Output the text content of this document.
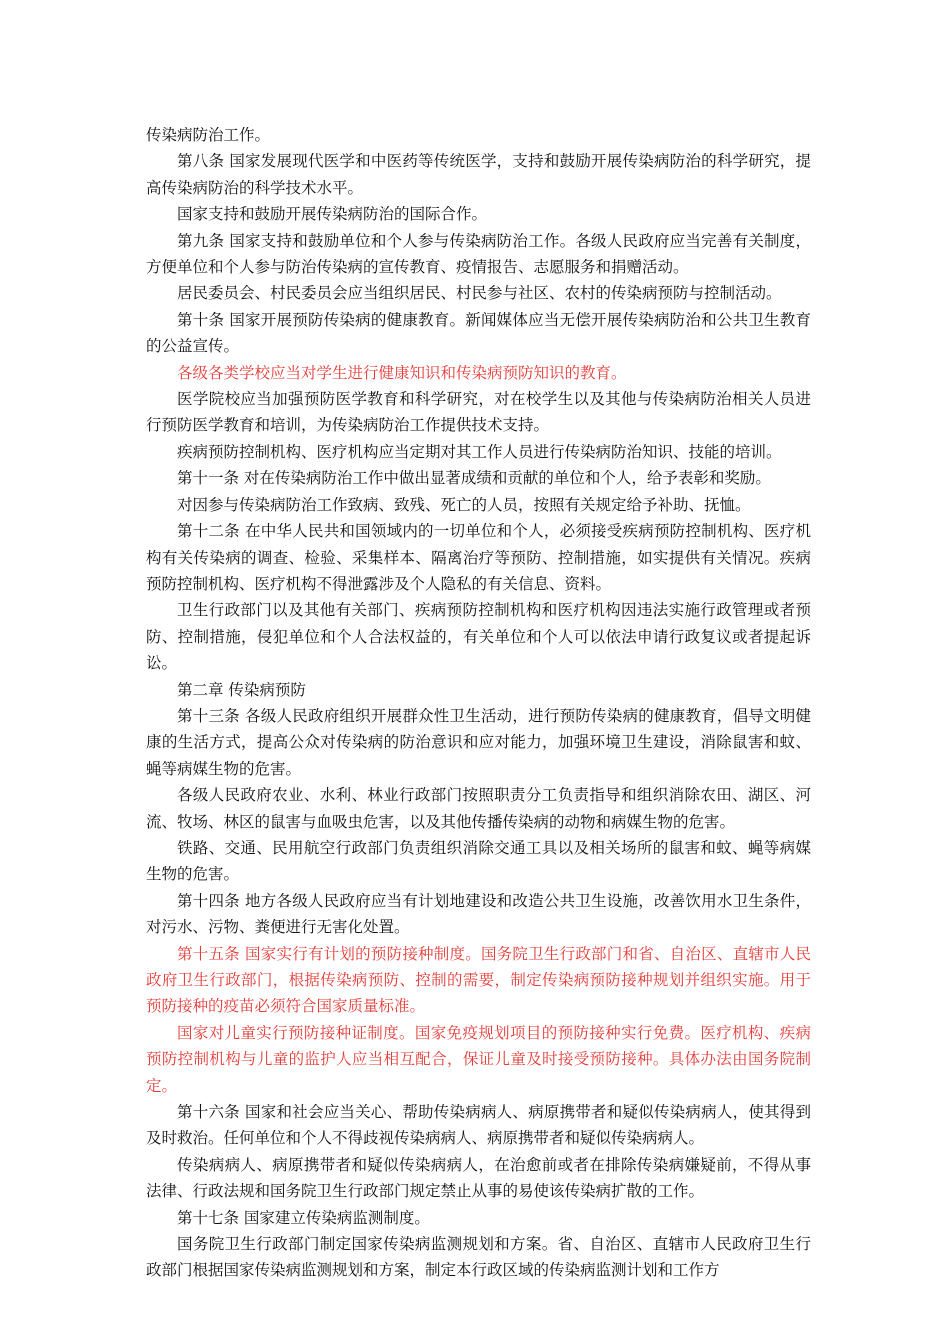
传染病防治工作。

第八条 国家发展现代医学和中医药等传统医学，支持和鼓励开展传染病防治的科学研究，提高传染病防治的科学技术水平。

国家支持和鼓励开展传染病防治的国际合作。

第九条 国家支持和鼓励单位和个人参与传染病防治工作。各级人民政府应当完善有关制度，方便单位和个人参与防治传染病的宣传教育、疫情报告、志愿服务和捐赠活动。

居民委员会、村民委员会应当组织居民、村民参与社区、农村的传染病预防与控制活动。

第十条 国家开展预防传染病的健康教育。新闻媒体应当无偿开展传染病防治和公共卫生教育的公益宣传。

各级各类学校应当对学生进行健康知识和传染病预防知识的教育。

医学院校应当加强预防医学教育和科学研究，对在校学生以及其他与传染病防治相关人员进行预防医学教育和培训，为传染病防治工作提供技术支持。

疾病预防控制机构、医疗机构应当定期对其工作人员进行传染病防治知识、技能的培训。

第十一条 对在传染病防治工作中做出显著成绩和贡献的单位和个人，给予表彰和奖励。

对因参与传染病防治工作致病、致残、死亡的人员，按照有关规定给予补助、抚恤。

第十二条 在中华人民共和国领域内的一切单位和个人，必须接受疾病预防控制机构、医疗机构有关传染病的调查、检验、采集样本、隔离治疗等预防、控制措施，如实提供有关情况。疾病预防控制机构、医疗机构不得泄露涉及个人隐私的有关信息、资料。

卫生行政部门以及其他有关部门、疾病预防控制机构和医疗机构因违法实施行政管理或者预防、控制措施，侵犯单位和个人合法权益的，有关单位和个人可以依法申请行政复议或者提起诉讼。

第二章 传染病预防

第十三条 各级人民政府组织开展群众性卫生活动，进行预防传染病的健康教育，倡导文明健康的生活方式，提高公众对传染病的防治意识和应对能力，加强环境卫生建设，消除鼠害和蚊、蝇等病媒生物的危害。

各级人民政府农业、水利、林业行政部门按照职责分工负责指导和组织消除农田、湖区、河流、牧场、林区的鼠害与血吸虫危害，以及其他传播传染病的动物和病媒生物的危害。

铁路、交通、民用航空行政部门负责组织消除交通工具以及相关场所的鼠害和蚊、蝇等病媒生物的危害。

第十四条 地方各级人民政府应当有计划地建设和改造公共卫生设施，改善饮用水卫生条件，对污水、污物、粪便进行无害化处置。

第十五条 国家实行有计划的预防接种制度。国务院卫生行政部门和省、自治区、直辖市人民政府卫生行政部门，根据传染病预防、控制的需要，制定传染病预防接种规划并组织实施。用于预防接种的疫苗必须符合国家质量标准。

国家对儿童实行预防接种证制度。国家免疫规划项目的预防接种实行免费。医疗机构、疾病预防控制机构与儿童的监护人应当相互配合，保证儿童及时接受预防接种。具体办法由国务院制定。

第十六条 国家和社会应当关心、帮助传染病病人、病原携带者和疑似传染病病人，使其得到及时救治。任何单位和个人不得歧视传染病病人、病原携带者和疑似传染病病人。

传染病病人、病原携带者和疑似传染病病人，在治愈前或者在排除传染病嫌疑前，不得从事法律、行政法规和国务院卫生行政部门规定禁止从事的易使该传染病扩散的工作。

第十七条 国家建立传染病监测制度。

国务院卫生行政部门制定国家传染病监测规划和方案。省、自治区、直辖市人民政府卫生行政部门根据国家传染病监测规划和方案，制定本行政区域的传染病监测计划和工作方
